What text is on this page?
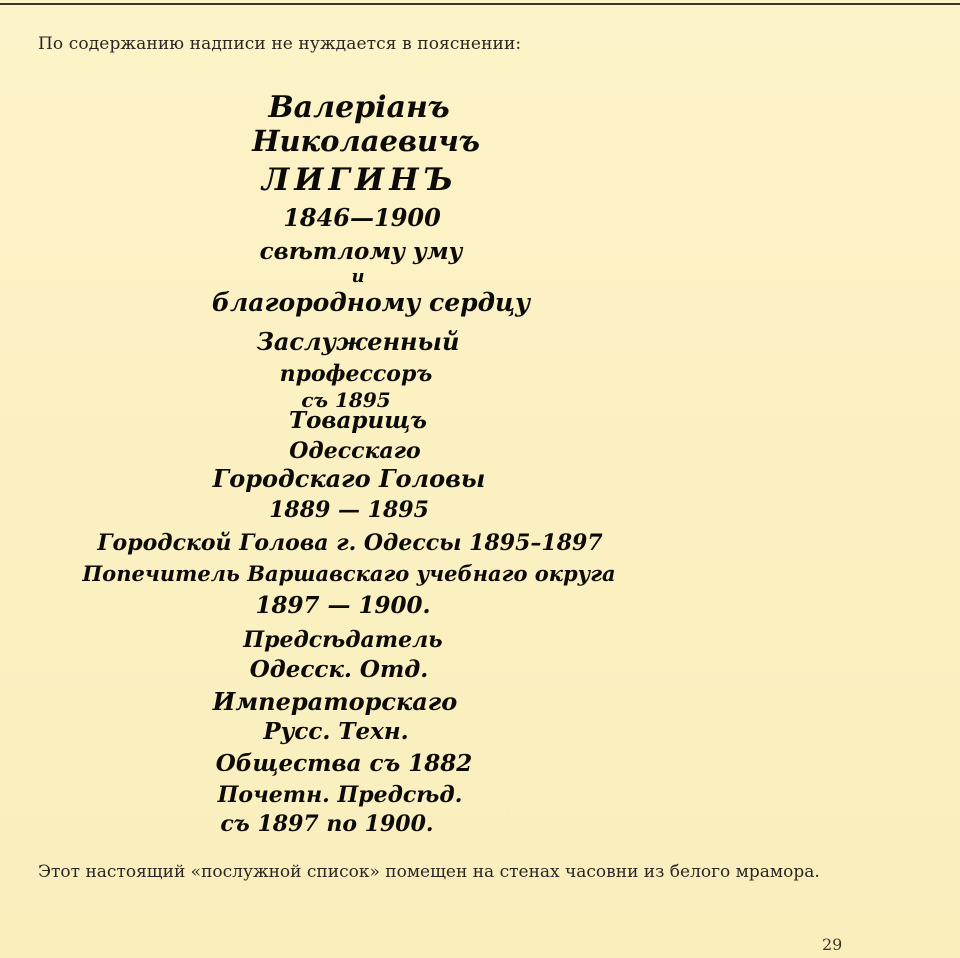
По содержанию надписи не нуждается в пояснении:

Валеріанъ
Николаевичъ
ЛИГИНЪ
1846—1900
свѣтлому уму
и
благородному сердцу
Заслуженный
профессоръ
съ 1895
Товарищъ
Одесскаго
Городскаго Головы
1889 — 1895
Городской Голова г. Одессы 1895–1897
Попечитель Варшавскаго учебнаго округа
1897 — 1900.
Предсѣдатель
Одесск. Отд.
Императорскаго
Русс. Техн.
Общества съ 1882
Почетн. Предсѣд.
съ 1897 по 1900.

Этот настоящий «послужной список» помещен на стенах часовни из белого мрамора.

29
